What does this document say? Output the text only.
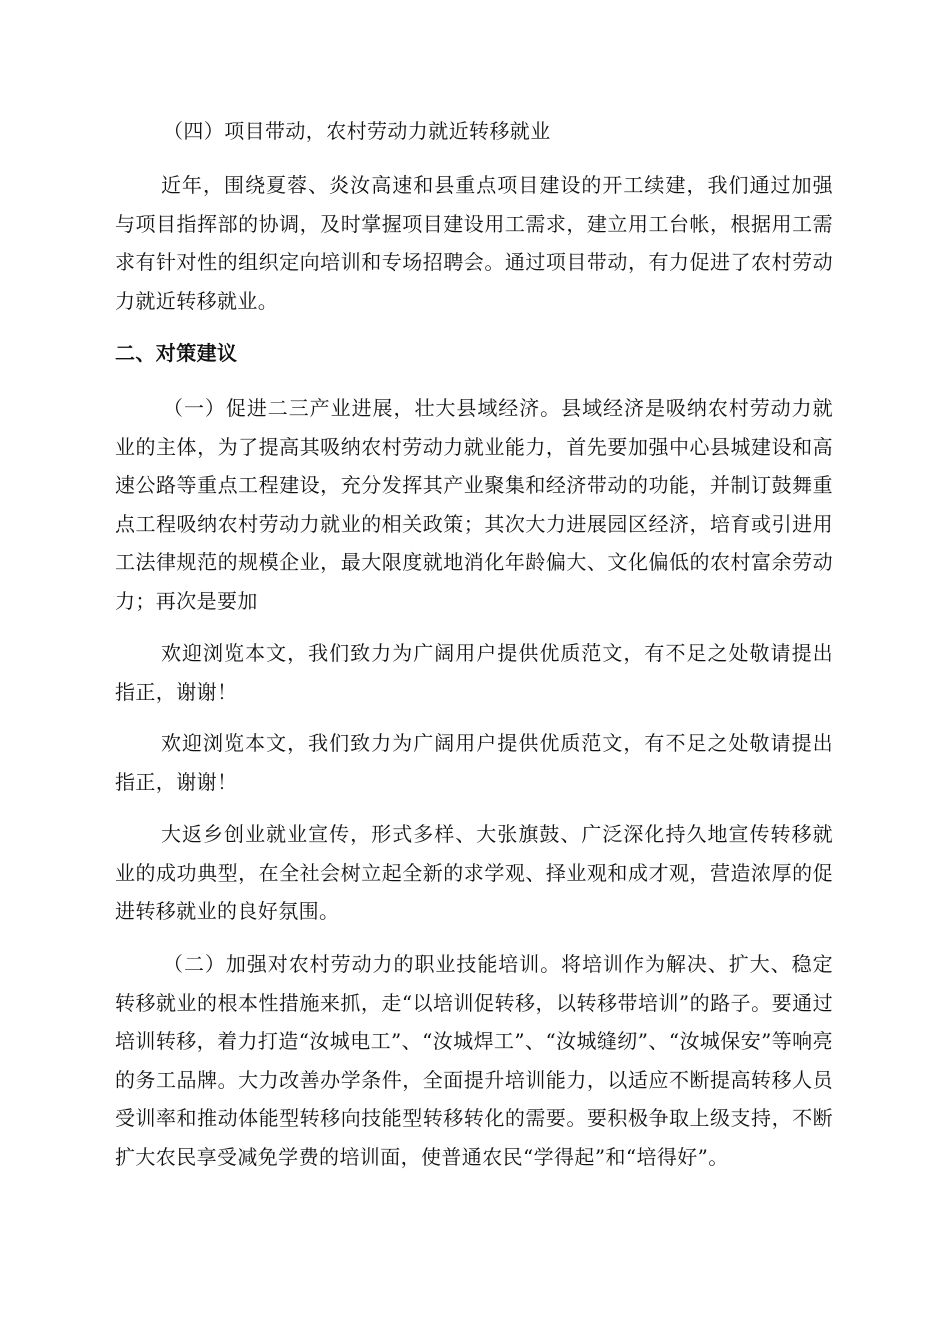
（四）项目带动，农村劳动力就近转移就业

近年，围绕夏蓉、炎汝高速和县重点项目建设的开工续建，我们通过加强与项目指挥部的协调，及时掌握项目建设用工需求，建立用工台帐，根据用工需求有针对性的组织定向培训和专场招聘会。通过项目带动，有力促进了农村劳动力就近转移就业。

二、对策建议

（一）促进二三产业进展，壮大县域经济。县域经济是吸纳农村劳动力就业的主体，为了提高其吸纳农村劳动力就业能力，首先要加强中心县城建设和高速公路等重点工程建设，充分发挥其产业聚集和经济带动的功能，并制订鼓舞重点工程吸纳农村劳动力就业的相关政策；其次大力进展园区经济，培育或引进用工法律规范的规模企业，最大限度就地消化年龄偏大、文化偏低的农村富余劳动力；再次是要加

欢迎浏览本文，我们致力为广阔用户提供优质范文，有不足之处敬请提出指正，谢谢！

欢迎浏览本文，我们致力为广阔用户提供优质范文，有不足之处敬请提出指正，谢谢！

大返乡创业就业宣传，形式多样、大张旗鼓、广泛深化持久地宣传转移就业的成功典型，在全社会树立起全新的求学观、择业观和成才观，营造浓厚的促进转移就业的良好氛围。

（二）加强对农村劳动力的职业技能培训。将培训作为解决、扩大、稳定转移就业的根本性措施来抓，走“以培训促转移，以转移带培训”的路子。要通过培训转移，着力打造“汝城电工”、“汝城焊工”、“汝城缝纫”、“汝城保安”等响亮的务工品牌。大力改善办学条件，全面提升培训能力，以适应不断提高转移人员受训率和推动体能型转移向技能型转移转化的需要。要积极争取上级支持，不断扩大农民享受减免学费的培训面，使普通农民“学得起”和“培得好”。
